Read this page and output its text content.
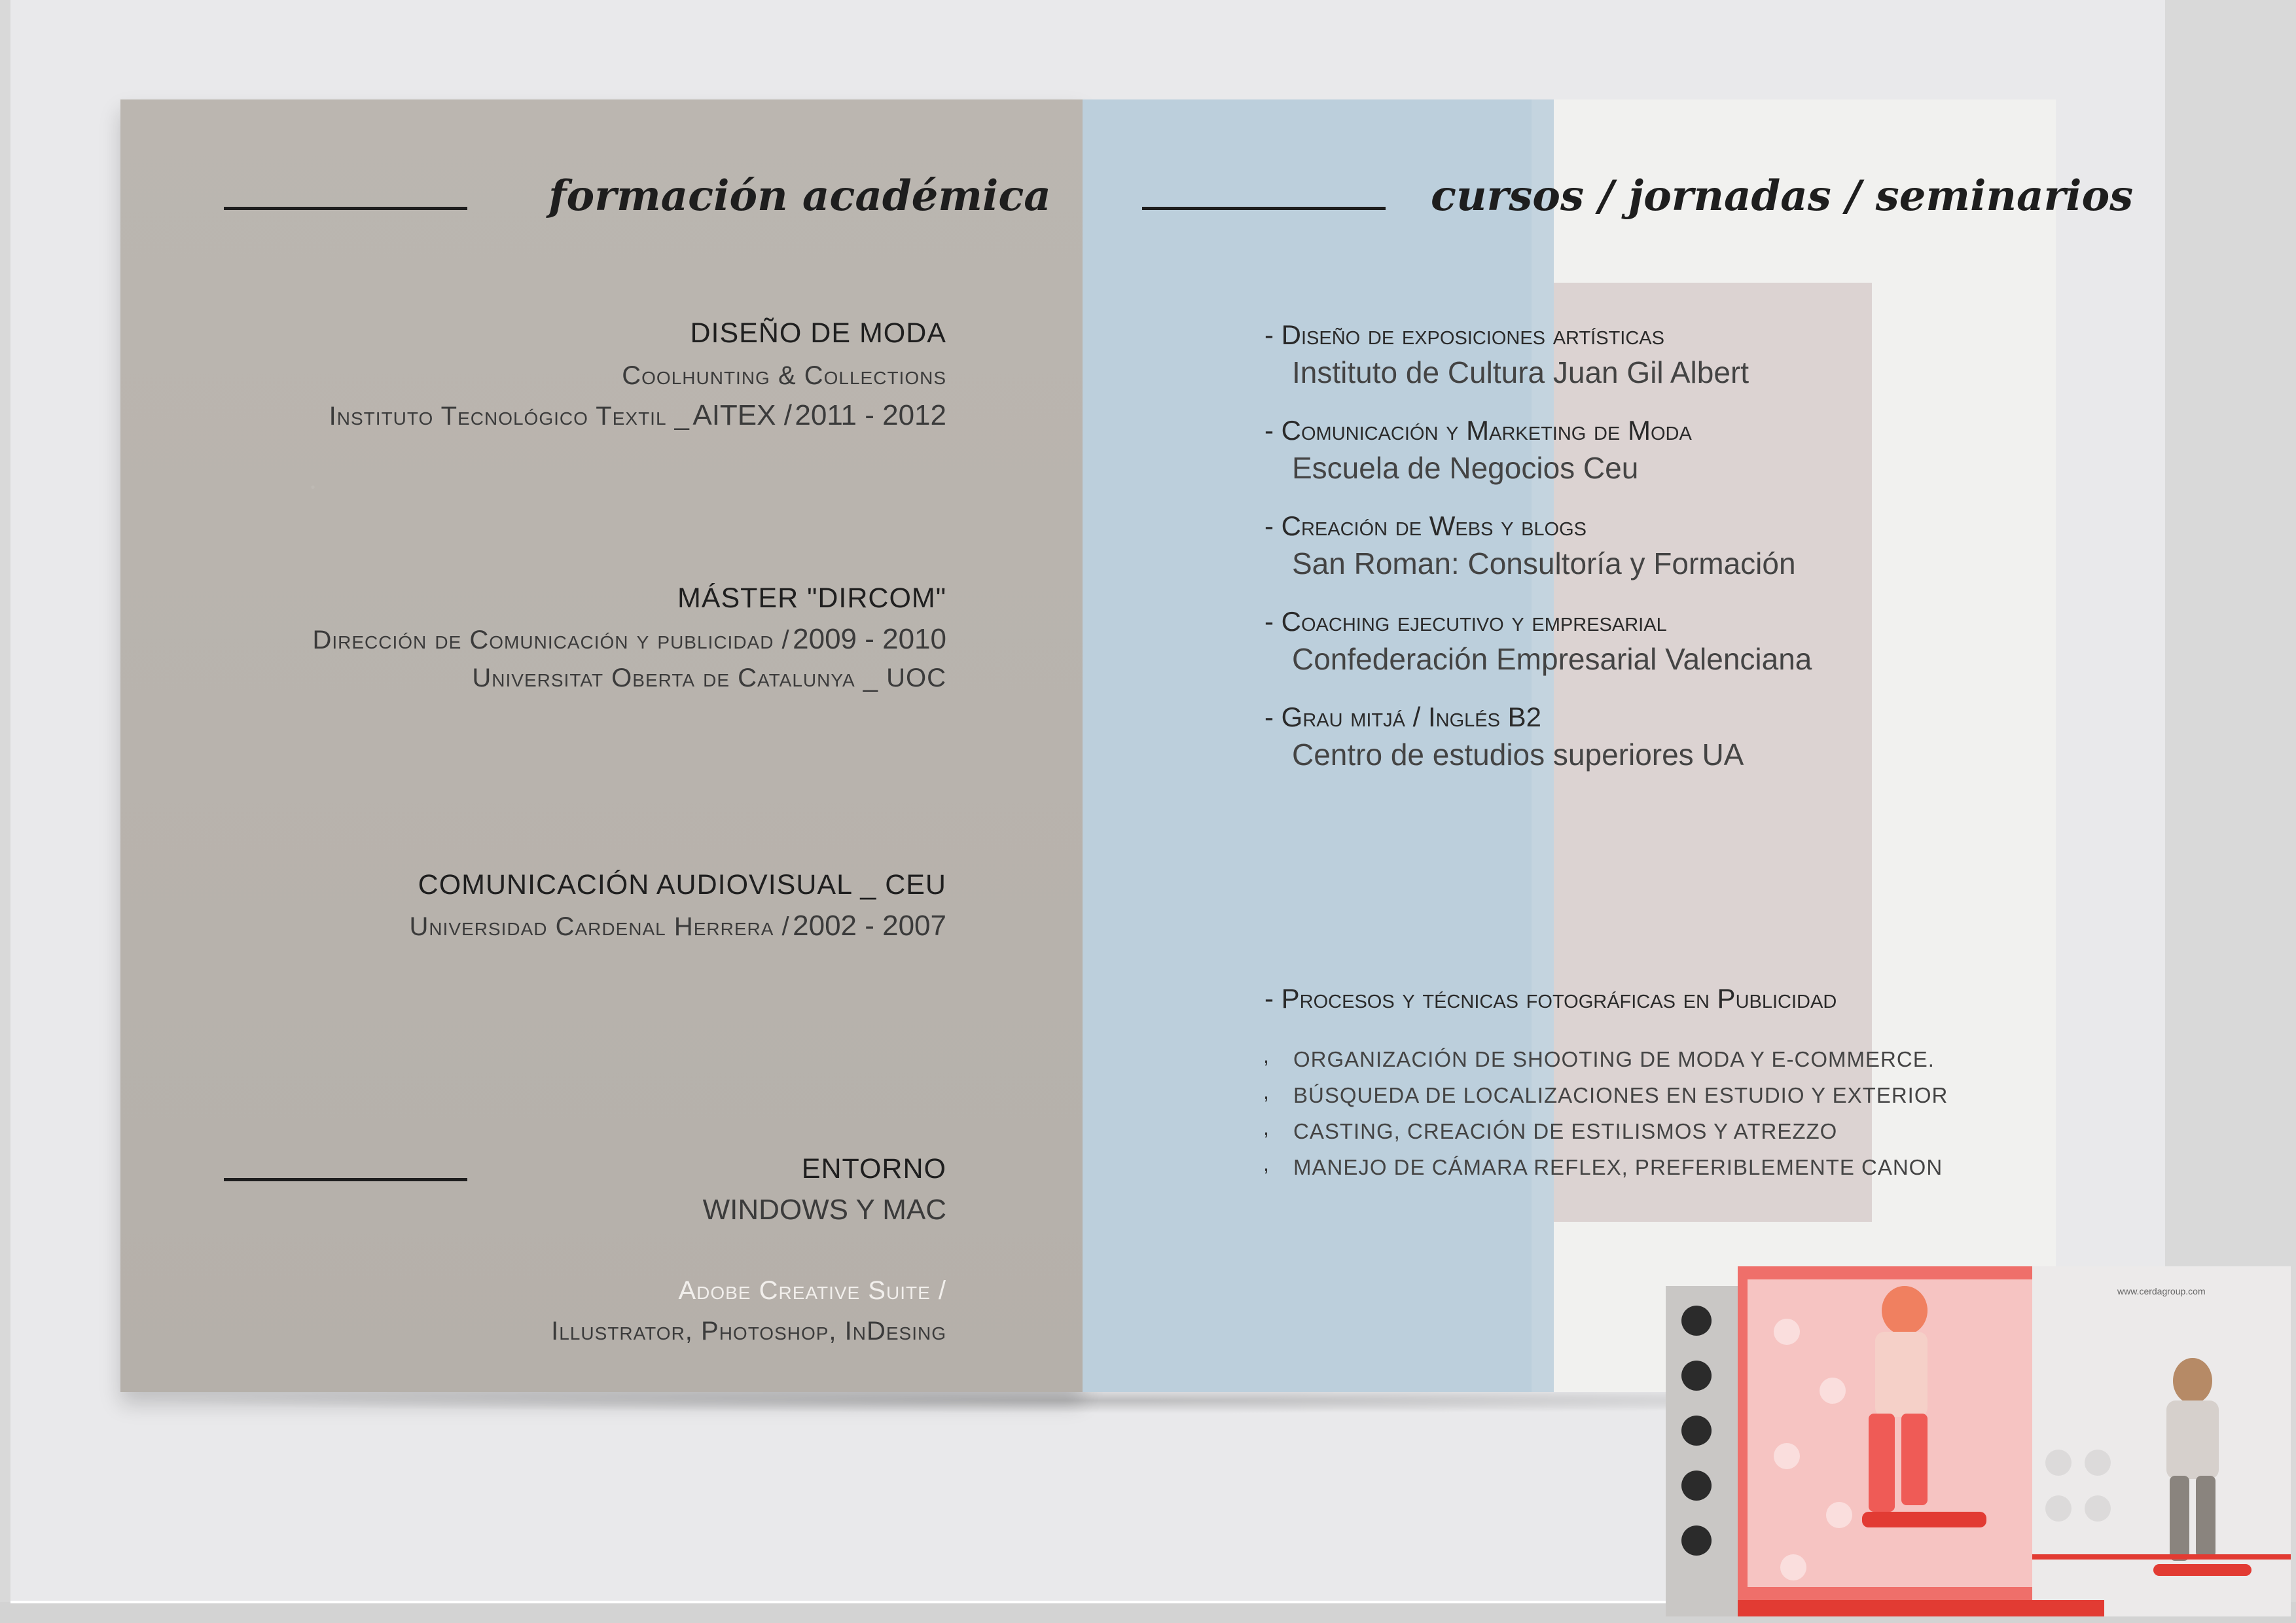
formación académica
DISEÑO DE MODA
Coolhunting & Collections
Instituto Tecnológico Textil _ AITEX / 2011 - 2012
MÁSTER "DIRCOM"
Dirección de Comunicación y publicidad / 2009 - 2010
Universitat Oberta de Catalunya _ UOC
COMUNICACIÓN AUDIOVISUAL _ CEU
Universidad Cardenal Herrera / 2002 - 2007
ENTORNO
WINDOWS Y MAC
Adobe Creative Suite /
Illustrator, Photoshop, InDesing
cursos / jornadas / seminarios
- Diseño de exposiciones artísticas
Instituto de Cultura Juan Gil Albert
- Comunicación y Marketing de Moda
Escuela de Negocios Ceu
- Creación de Webs y blogs
San Roman: Consultoría y Formación
- Coaching ejecutivo y empresarial
Confederación Empresarial Valenciana
- Grau mitjá / Inglés B2
Centro de estudios superiores UA
- Procesos y técnicas fotográficas en Publicidad
, ORGANIZACIÓN DE SHOOTING DE MODA Y E-COMMERCE.
, BÚSQUEDA DE LOCALIZACIONES EN ESTUDIO Y EXTERIOR
, CASTING, CREACIÓN DE ESTILISMOS Y ATREZZO
, MANEJO DE CÁMARA REFLEX, PREFERIBLEMENTE CANON
www.cerdagroup.com
